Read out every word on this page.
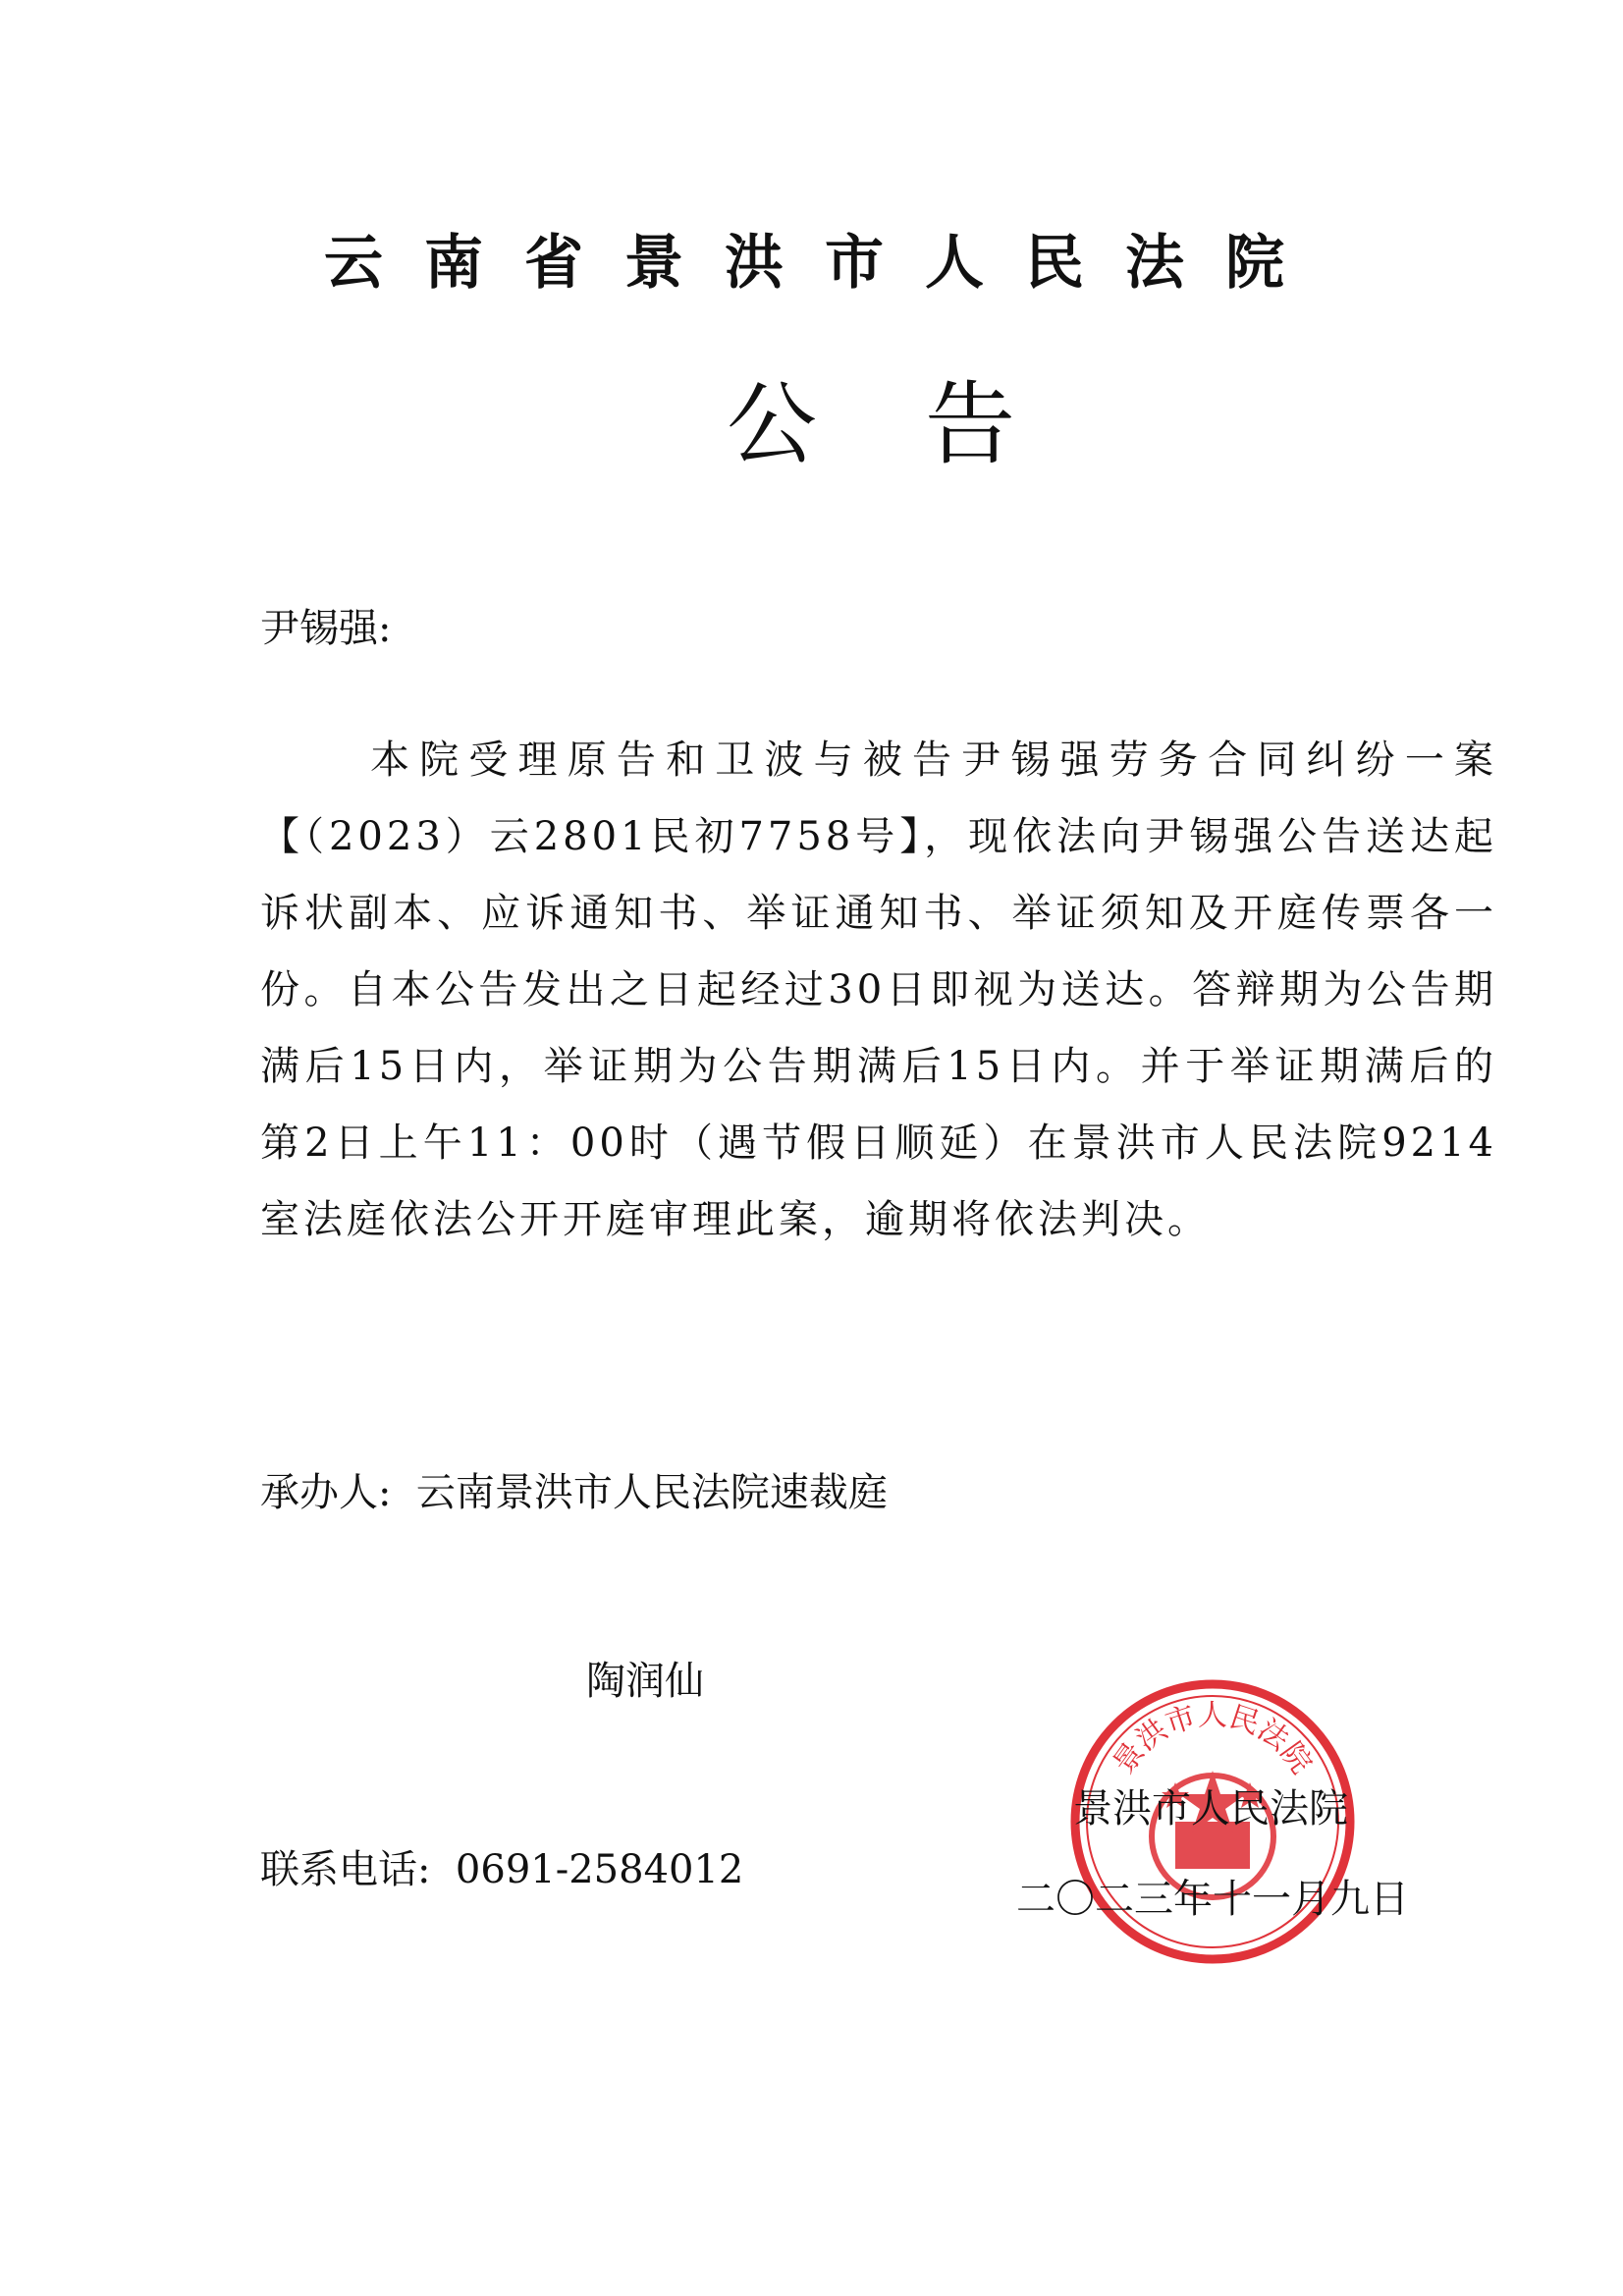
云南省景洪市人民法院
公告
尹锡强:

本院受理原告和卫波与被告尹锡强劳务合同纠纷一案【（2023）云2801民初7758号】，现依法向尹锡强公告送达起诉状副本、应诉通知书、举证通知书、举证须知及开庭传票各一份。自本公告发出之日起经过30日即视为送达。答辩期为公告期满后15日内，举证期为公告期满后15日内。并于举证期满后的第2日上午11：00时（遇节假日顺延）在景洪市人民法院9214室法庭依法公开开庭审理此案，逾期将依法判决。

承办人: 云南景洪市人民法院速裁庭

陶润仙

联系电话: 0691-2584012

景洪市人民法院
景洪市人民法院
二〇二三年十一月九日
